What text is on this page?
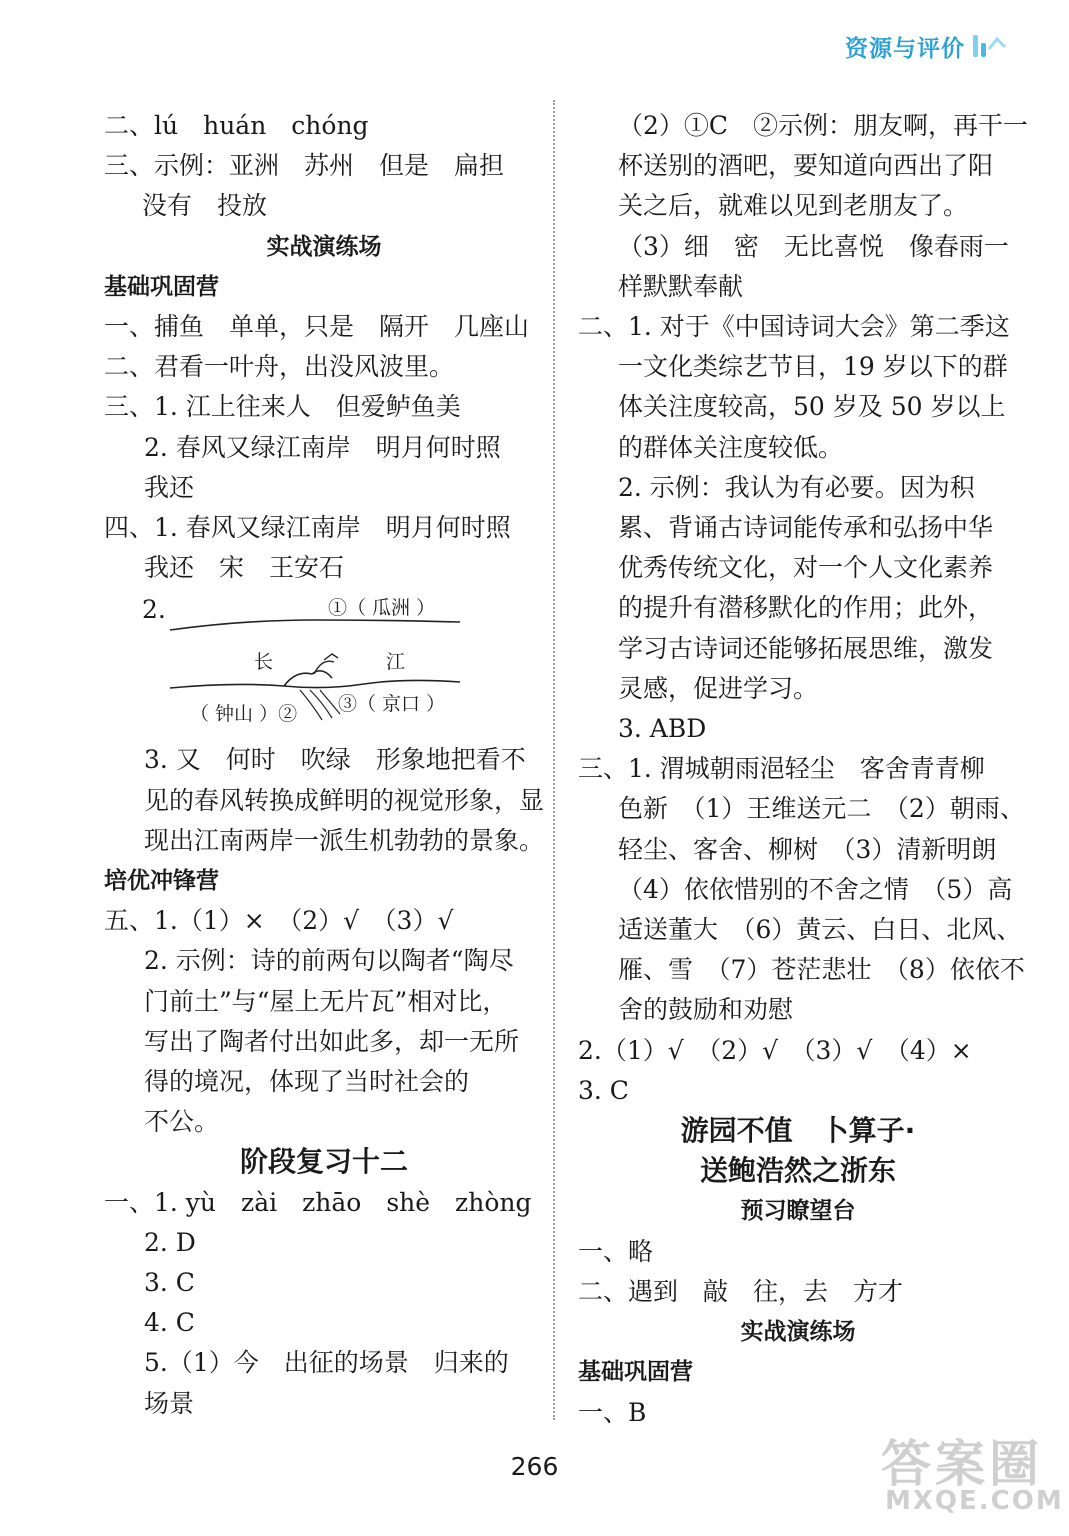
资源与评价
二、lú　huán　chóng
三、示例：亚洲　苏州　但是　扁担
没有　投放
实战演练场
基础巩固营
一、捕鱼　单单，只是　隔开　几座山
二、君看一叶舟，出没风波里。
三、1. 江上往来人　但爱鲈鱼美
2. 春风又绿江南岸　明月何时照
我还
四、1. 春风又绿江南岸　明月何时照
我还　宋　王安石
2.	①（ 瓜洲 ）
长	江
（ 钟山 ）② ③（ 京口 ）
3. 又　何时　吹绿　形象地把看不
见的春风转换成鲜明的视觉形象，显
现出江南两岸一派生机勃勃的景象。
培优冲锋营
五、1.（1）×　（2）√　（3）√
2. 示例：诗的前两句以陶者“陶尽
门前土”与“屋上无片瓦”相对比，
写出了陶者付出如此多，却一无所
得的境况，体现了当时社会的
不公。
阶段复习十二
一、1. yù　zài　zhāo　shè　zhòng
2. D
3. C
4. C
5.（1）今　出征的场景　归来的
场景
（2）①C　②示例：朋友啊，再干一
杯送别的酒吧，要知道向西出了阳
关之后，就难以见到老朋友了。
（3）细　密　无比喜悦　像春雨一
样默默奉献
二、1. 对于《中国诗词大会》第二季这
一文化类综艺节目，19 岁以下的群
体关注度较高，50 岁及 50 岁以上
的群体关注度较低。
2. 示例：我认为有必要。因为积
累、背诵古诗词能传承和弘扬中华
优秀传统文化，对一个人文化素养
的提升有潜移默化的作用；此外，
学习古诗词还能够拓展思维，激发
灵感，促进学习。
3. ABD
三、1. 渭城朝雨浥轻尘　客舍青青柳
色新　（1）王维送元二　（2）朝雨、
轻尘、客舍、柳树　（3）清新明朗
（4）依依惜别的不舍之情　（5）高
适送董大　（6）黄云、白日、北风、
雁、雪　（7）苍茫悲壮　（8）依依不
舍的鼓励和劝慰
2.（1）√　（2）√　（3）√　（4）×
3. C
游园不值　卜算子·
送鲍浩然之浙东
预习瞭望台
一、略
二、遇到　敲　往，去　方才
实战演练场
基础巩固营
一、B
266	答案圈
MXQE.COM
